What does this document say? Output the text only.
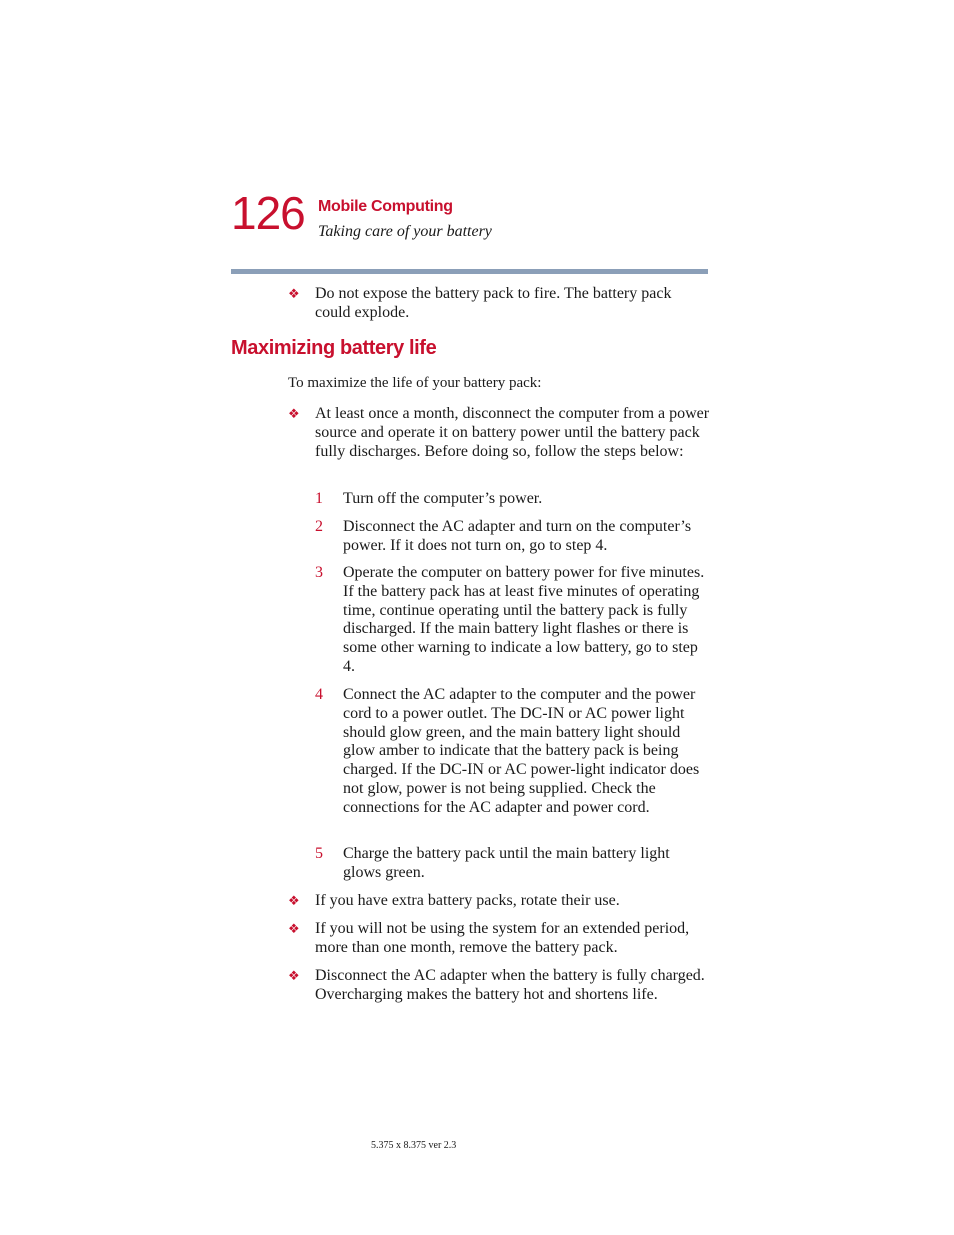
126 Mobile Computing
Taking care of your battery
❖ Do not expose the battery pack to fire. The battery pack could explode.
Maximizing battery life
To maximize the life of your battery pack:
❖ At least once a month, disconnect the computer from a power source and operate it on battery power until the battery pack fully discharges. Before doing so, follow the steps below:
1 Turn off the computer’s power.
2 Disconnect the AC adapter and turn on the computer’s power. If it does not turn on, go to step 4.
3 Operate the computer on battery power for five minutes. If the battery pack has at least five minutes of operating time, continue operating until the battery pack is fully discharged. If the main battery light flashes or there is some other warning to indicate a low battery, go to step 4.
4 Connect the AC adapter to the computer and the power cord to a power outlet. The DC-IN or AC power light should glow green, and the main battery light should glow amber to indicate that the battery pack is being charged. If the DC-IN or AC power-light indicator does not glow, power is not being supplied. Check the connections for the AC adapter and power cord.
5 Charge the battery pack until the main battery light glows green.
❖ If you have extra battery packs, rotate their use.
❖ If you will not be using the system for an extended period, more than one month, remove the battery pack.
❖ Disconnect the AC adapter when the battery is fully charged. Overcharging makes the battery hot and shortens life.
5.375 x 8.375 ver 2.3
